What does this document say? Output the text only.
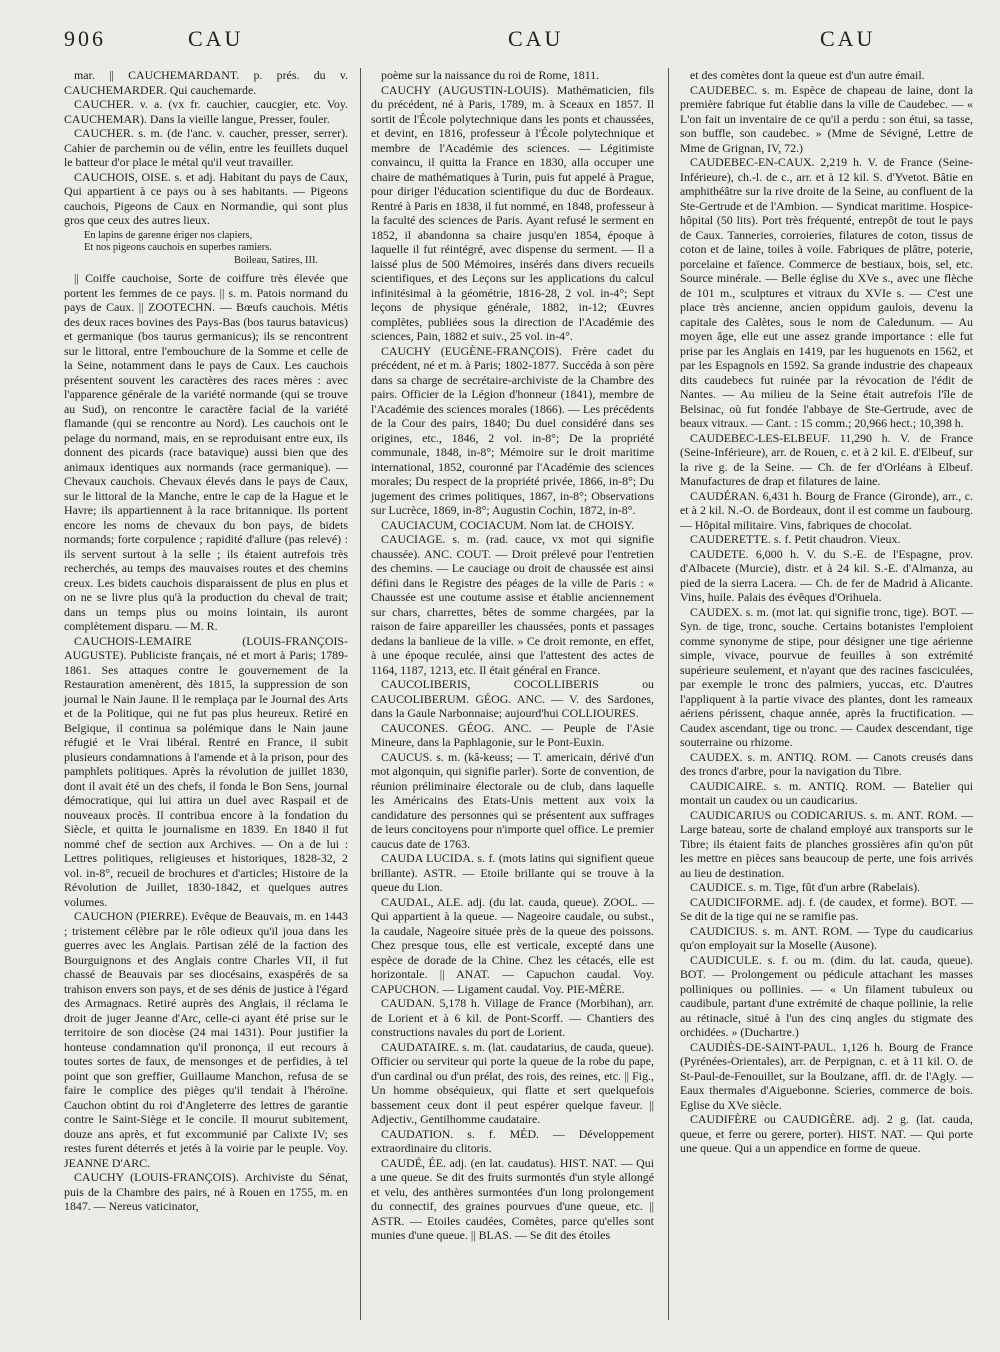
906	CAU	CAU	CAU

mar. || CAUCHEMARDANT. p. prés. du v. CAUCHEMARDER. Qui cauchemarde.

CAUCHER. v. a. (vx fr. cauchier, caucgier, etc. Voy. CAUCHEMAR). Dans la vieille langue, Presser, fouler.

CAUCHER. s. m. (de l'anc. v. caucher, presser, serrer). Cahier de parchemin ou de vélin, entre les feuillets duquel le batteur d'or place le métal qu'il veut travailler.

CAUCHOIS, OISE. s. et adj. Habitant du pays de Caux, Qui appartient à ce pays ou à ses habitants. — Pigeons cauchois, Pigeons de Caux en Normandie, qui sont plus gros que ceux des autres lieux.

En lapins de garenne ériger nos clapiers,
Et nos pigeons cauchois en superbes ramiers.
Boileau, Satires, III.

|| Coiffe cauchoise, Sorte de coiffure très élevée que portent les femmes de ce pays. || s. m. Patois normand du pays de Caux. || ZOOTECHN. — Bœufs cauchois. Métis des deux races bovines des Pays-Bas (bos taurus batavicus) et germanique (bos taurus germanicus); ils se rencontrent sur le littoral, entre l'embouchure de la Somme et celle de la Seine, notamment dans le pays de Caux. Les cauchois présentent souvent les caractères des races mères : avec l'apparence générale de la variété normande (qui se trouve au Sud), on rencontre le caractère facial de la variété flamande (qui se rencontre au Nord). Les cauchois ont le pelage du normand, mais, en se reproduisant entre eux, ils donnent des picards (race batavique) aussi bien que des animaux identiques aux normands (race germanique). — Chevaux cauchois. Chevaux élevés dans le pays de Caux, sur le littoral de la Manche, entre le cap de la Hague et le Havre; ils appartiennent à la race britannique. Ils portent encore les noms de chevaux du bon pays, de bidets normands; forte corpulence ; rapidité d'allure (pas relevé) : ils servent surtout à la selle ; ils étaient autrefois très recherchés, au temps des mauvaises routes et des chemins creux. Les bidets cauchois disparaissent de plus en plus et on ne se livre plus qu'à la production du cheval de trait; dans un temps plus ou moins lointain, ils auront complètement disparu. — M. R.

CAUCHOIS-LEMAIRE (LOUIS-FRANÇOIS-AUGUSTE). Publiciste français, né et mort à Paris; 1789-1861. Ses attaques contre le gouvernement de la Restauration amenèrent, dès 1815, la suppression de son journal le Nain Jaune. Il le remplaça par le Journal des Arts et de la Politique, qui ne fut pas plus heureux. Retiré en Belgique, il continua sa polémique dans le Nain jaune réfugié et le Vrai libéral. Rentré en France, il subit plusieurs condamnations à l'amende et à la prison, pour des pamphlets politiques. Après la révolution de juillet 1830, dont il avait été un des chefs, il fonda le Bon Sens, journal démocratique, qui lui attira un duel avec Raspail et de nouveaux procès. Il contribua encore à la fondation du Siècle, et quitta le journalisme en 1839. En 1840 il fut nommé chef de section aux Archives. — On a de lui : Lettres politiques, religieuses et historiques, 1828-32, 2 vol. in-8°, recueil de brochures et d'articles; Histoire de la Révolution de Juillet, 1830-1842, et quelques autres volumes.

CAUCHON (PIERRE). Evêque de Beauvais, m. en 1443 ; tristement célèbre par le rôle odieux qu'il joua dans les guerres avec les Anglais. Partisan zélé de la faction des Bourguignons et des Anglais contre Charles VII, il fut chassé de Beauvais par ses diocésains, exaspérés de sa trahison envers son pays, et de ses dénis de justice à l'égard des Armagnacs. Retiré auprès des Anglais, il réclama le droit de juger Jeanne d'Arc, celle-ci ayant été prise sur le territoire de son diocèse (24 mai 1431). Pour justifier la honteuse condamnation qu'il prononça, il eut recours à toutes sortes de faux, de mensonges et de perfidies, à tel point que son greffier, Guillaume Manchon, refusa de se faire le complice des pièges qu'il tendait à l'héroïne. Cauchon obtint du roi d'Angleterre des lettres de garantie contre le Saint-Siège et le concile. Il mourut subitement, douze ans après, et fut excommunié par Calixte IV; ses restes furent déterrés et jetés à la voirie par le peuple. Voy. JEANNE D'ARC.

CAUCHY (LOUIS-FRANÇOIS). Archiviste du Sénat, puis de la Chambre des pairs, né à Rouen en 1755, m. en 1847. — Nereus vaticinator,

poème sur la naissance du roi de Rome, 1811.

CAUCHY (AUGUSTIN-LOUIS). Mathématicien, fils du précédent, né à Paris, 1789, m. à Sceaux en 1857. Il sortit de l'École polytechnique dans les ponts et chaussées, et devint, en 1816, professeur à l'École polytechnique et membre de l'Académie des sciences. — Légitimiste convaincu, il quitta la France en 1830, alla occuper une chaire de mathématiques à Turin, puis fut appelé à Prague, pour diriger l'éducation scientifique du duc de Bordeaux. Rentré à Paris en 1838, il fut nommé, en 1848, professeur à la faculté des sciences de Paris. Ayant refusé le serment en 1852, il abandonna sa chaire jusqu'en 1854, époque à laquelle il fut réintégré, avec dispense du serment. — Il a laissé plus de 500 Mémoires, insérés dans divers recueils scientifiques, et des Leçons sur les applications du calcul infinitésimal à la géométrie, 1816-28, 2 vol. in-4°; Sept leçons de physique générale, 1882, in-12; Œuvres complètes, publiées sous la direction de l'Académie des sciences, Pain, 1882 et suiv., 25 vol. in-4°.

CAUCHY (EUGÈNE-FRANÇOIS). Frère cadet du précédent, né et m. à Paris; 1802-1877. Succéda à son père dans sa charge de secrétaire-archiviste de la Chambre des pairs. Officier de la Légion d'honneur (1841), membre de l'Académie des sciences morales (1866). — Les précédents de la Cour des pairs, 1840; Du duel considéré dans ses origines, etc., 1846, 2 vol. in-8°; De la propriété communale, 1848, in-8°; Mémoire sur le droit maritime international, 1852, couronné par l'Académie des sciences morales; Du respect de la propriété privée, 1866, in-8°; Du jugement des crimes politiques, 1867, in-8°; Observations sur Lucrèce, 1869, in-8°; Augustin Cochin, 1872, in-8°.

CAUCIACUM, COCIACUM. Nom lat. de CHOISY.

CAUCIAGE. s. m. (rad. cauce, vx mot qui signifie chaussée). ANC. COUT. — Droit prélevé pour l'entretien des chemins. — Le cauciage ou droit de chaussée est ainsi défini dans le Registre des péages de la ville de Paris : « Chaussée est une coutume assise et établie anciennement sur chars, charrettes, bêtes de somme chargées, par la raison de faire appareiller les chaussées, ponts et passages dedans la banlieue de la ville. » Ce droit remonte, en effet, à une époque reculée, ainsi que l'attestent des actes de 1164, 1187, 1213, etc. Il était général en France.

CAUCOLIBERIS, COCOLLIBERIS ou CAUCOLIBERUM. GÉOG. ANC. — V. des Sardones, dans la Gaule Narbonnaise; aujourd'hui COLLIOURES.

CAUCONES. GÉOG. ANC. — Peuple de l'Asie Mineure, dans la Paphlagonie, sur le Pont-Euxin.

CAUCUS. s. m. (kâ-keuss; — T. americain, dérivé d'un mot algonquin, qui signifie parler). Sorte de convention, de réunion préliminaire électorale ou de club, dans laquelle les Américains des Etats-Unis mettent aux voix la candidature des personnes qui se présentent aux suffrages de leurs concitoyens pour n'importe quel office. Le premier caucus date de 1763.

CAUDA LUCIDA. s. f. (mots latins qui signifient queue brillante). ASTR. — Etoile brillante qui se trouve à la queue du Lion.

CAUDAL, ALE. adj. (du lat. cauda, queue). ZOOL. — Qui appartient à la queue. — Nageoire caudale, ou subst., la caudale, Nageoire située près de la queue des poissons. Chez presque tous, elle est verticale, excepté dans une espèce de dorade de la Chine. Chez les cétacés, elle est horizontale. || ANAT. — Capuchon caudal. Voy. CAPUCHON. — Ligament caudal. Voy. PIE-MÈRE.

CAUDAN. 5,178 h. Village de France (Morbihan), arr. de Lorient et à 6 kil. de Pont-Scorff. — Chantiers des constructions navales du port de Lorient.

CAUDATAIRE. s. m. (lat. caudatarius, de cauda, queue). Officier ou serviteur qui porte la queue de la robe du pape, d'un cardinal ou d'un prélat, des rois, des reines, etc. || Fig., Un homme obséquieux, qui flatte et sert quelquefois bassement ceux dont il peut espérer quelque faveur. || Adjectiv., Gentilhomme caudataire.

CAUDATION. s. f. MÉD. — Développement extraordinaire du clitoris.

CAUDÉ, ÉE. adj. (en lat. caudatus). HIST. NAT. — Qui a une queue. Se dit des fruits surmontés d'un style allongé et velu, des anthères surmontées d'un long prolongement du connectif, des graines pourvues d'une queue, etc. || ASTR. — Etoiles caudées, Comètes, parce qu'elles sont munies d'une queue. || BLAS. — Se dit des étoiles

et des comètes dont la queue est d'un autre émail.

CAUDEBEC. s. m. Espèce de chapeau de laine, dont la première fabrique fut établie dans la ville de Caudebec. — « L'on fait un inventaire de ce qu'il a perdu : son étui, sa tasse, son buffle, son caudebec. » (Mme de Sévigné, Lettre de Mme de Grignan, IV, 72.)

CAUDEBEC-EN-CAUX. 2,219 h. V. de France (Seine-Inférieure), ch.-l. de c., arr. et à 12 kil. S. d'Yvetot. Bâtie en amphithéâtre sur la rive droite de la Seine, au confluent de la Ste-Gertrude et de l'Ambion. — Syndicat maritime. Hospice-hôpital (50 lits). Port très fréquenté, entrepôt de tout le pays de Caux. Tanneries, corroieries, filatures de coton, tissus de coton et de laine, toiles à voile. Fabriques de plâtre, poterie, porcelaine et faïence. Commerce de bestiaux, bois, sel, etc. Source minérale. — Belle église du XVe s., avec une flèche de 101 m., sculptures et vitraux du XVIe s. — C'est une place très ancienne, ancien oppidum gaulois, devenu la capitale des Calètes, sous le nom de Caledunum. — Au moyen âge, elle eut une assez grande importance : elle fut prise par les Anglais en 1419, par les huguenots en 1562, et par les Espagnols en 1592. Sa grande industrie des chapeaux dits caudebecs fut ruinée par la révocation de l'édit de Nantes. — Au milieu de la Seine était autrefois l'île de Belsinac, où fut fondée l'abbaye de Ste-Gertrude, avec de beaux vitraux. — Cant. : 15 comm.; 20,966 hect.; 10,398 h.

CAUDEBEC-LES-ELBEUF. 11,290 h. V. de France (Seine-Inférieure), arr. de Rouen, c. et à 2 kil. E. d'Elbeuf, sur la rive g. de la Seine. — Ch. de fer d'Orléans à Elbeuf. Manufactures de drap et filatures de laine.

CAUDÉRAN. 6,431 h. Bourg de France (Gironde), arr., c. et à 2 kil. N.-O. de Bordeaux, dont il est comme un faubourg. — Hôpital militaire. Vins, fabriques de chocolat.

CAUDERETTE. s. f. Petit chaudron. Vieux.

CAUDETE. 6,000 h. V. du S.-E. de l'Espagne, prov. d'Albacete (Murcie), distr. et à 24 kil. S.-E. d'Almanza, au pied de la sierra Lacera. — Ch. de fer de Madrid à Alicante. Vins, huile. Palais des évêques d'Orihuela.

CAUDEX. s. m. (mot lat. qui signifie tronc, tige). BOT. — Syn. de tige, tronc, souche. Certains botanistes l'emploient comme synonyme de stipe, pour désigner une tige aérienne simple, vivace, pourvue de feuilles à son extrémité supérieure seulement, et n'ayant que des racines fasciculées, par exemple le tronc des palmiers, yuccas, etc. D'autres l'appliquent à la partie vivace des plantes, dont les rameaux aériens périssent, chaque année, après la fructification. — Caudex ascendant, tige ou tronc. — Caudex descendant, tige souterraine ou rhizome.

CAUDEX. s. m. ANTIQ. ROM. — Canots creusés dans des troncs d'arbre, pour la navigation du Tibre.

CAUDICAIRE. s. m. ANTIQ. ROM. — Batelier qui montait un caudex ou un caudicarius.

CAUDICARIUS ou CODICARIUS. s. m. ANT. ROM. — Large bateau, sorte de chaland employé aux transports sur le Tibre; ils étaient faits de planches grossières afin qu'on pût les mettre en pièces sans beaucoup de perte, une fois arrivés au lieu de destination.

CAUDICE. s. m. Tige, fût d'un arbre (Rabelais).

CAUDICIFORME. adj. f. (de caudex, et forme). BOT. — Se dit de la tige qui ne se ramifie pas.

CAUDICIUS. s. m. ANT. ROM. — Type du caudicarius qu'on employait sur la Moselle (Ausone).

CAUDICULE. s. f. ou m. (dim. du lat. cauda, queue). BOT. — Prolongement ou pédicule attachant les masses polliniques ou pollinies. — « Un filament tubuleux ou caudibule, partant d'une extrémité de chaque pollinie, la relie au rétinacle, situé à l'un des cinq angles du stigmate des orchidées. » (Duchartre.)

CAUDIÈS-DE-SAINT-PAUL. 1,126 h. Bourg de France (Pyrénées-Orientales), arr. de Perpignan, c. et à 11 kil. O. de St-Paul-de-Fenouillet, sur la Boulzane, affl. dr. de l'Agly. — Eaux thermales d'Aiguebonne. Scieries, commerce de bois. Eglise du XVe siècle.

CAUDIFÈRE ou CAUDIGÈRE. adj. 2 g. (lat. cauda, queue, et ferre ou gerere, porter). HIST. NAT. — Qui porte une queue. Qui a un appendice en forme de queue.
